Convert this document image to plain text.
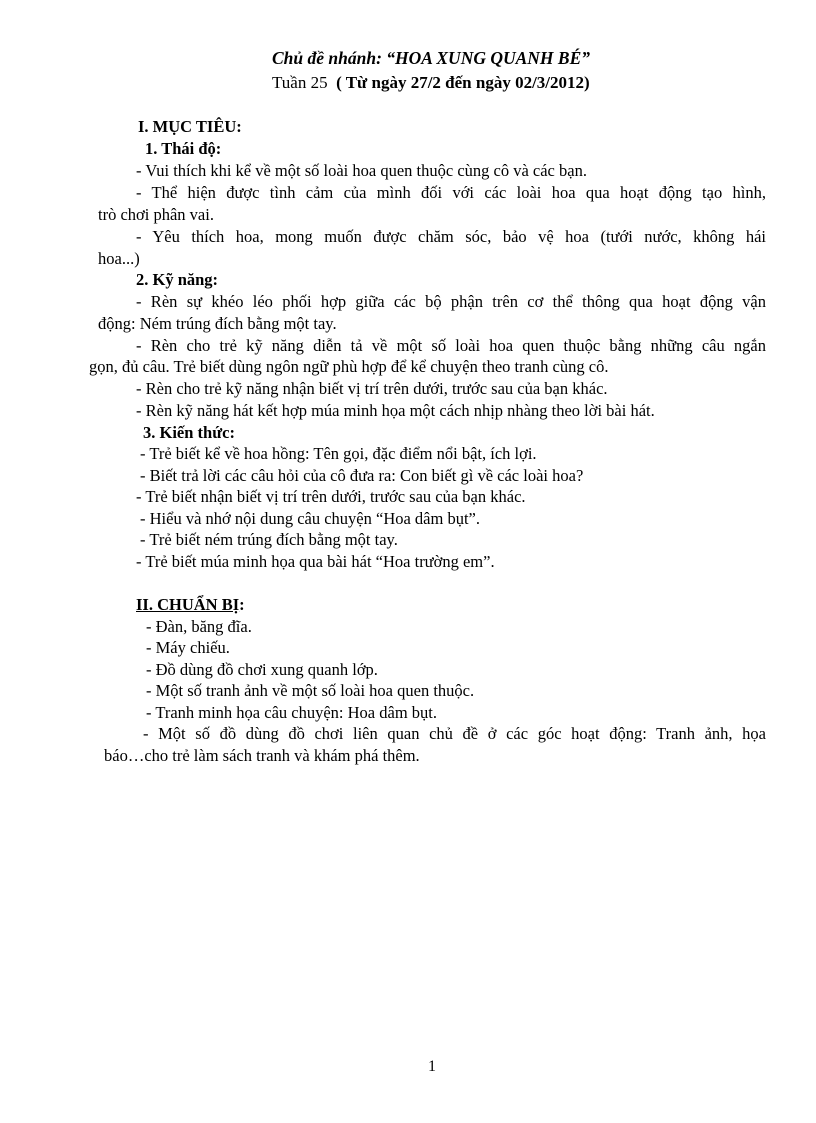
Chủ đề nhánh: “HOA XUNG QUANH BÉ”
Tuần 25 ( Từ ngày 27/2 đến ngày 02/3/2012)
I. MỤC TIÊU:
1. Thái độ:
- Vui thích khi kể về một số loài hoa quen thuộc cùng cô và các bạn.
- Thể hiện được tình cảm của mình đối với các loài hoa qua hoạt động tạo hình,
trò chơi phân vai.
- Yêu thích hoa, mong muốn được chăm sóc, bảo vệ hoa (tưới nước, không hái
hoa...)
2. Kỹ năng:
- Rèn sự khéo léo phối hợp giữa các bộ phận trên cơ thể thông qua hoạt động vận
động: Ném trúng đích bằng một tay.
- Rèn cho trẻ kỹ năng diễn tả về một số loài hoa quen thuộc bằng những câu ngắn
gọn, đủ câu. Trẻ biết dùng ngôn ngữ phù hợp để kể chuyện theo tranh cùng cô.
- Rèn cho trẻ kỹ năng nhận biết vị trí trên dưới, trước sau của bạn khác.
- Rèn kỹ năng hát kết hợp múa minh họa một cách nhịp nhàng theo lời bài hát.
3. Kiến thức:
- Trẻ biết kể về hoa hồng: Tên gọi, đặc điểm nổi bật, ích lợi.
- Biết trả lời các câu hỏi của cô đưa ra: Con biết gì về các loài hoa?
- Trẻ biết nhận biết vị trí trên dưới, trước sau của bạn khác.
- Hiểu và nhớ nội dung câu chuyện “Hoa dâm bụt”.
- Trẻ biết ném trúng đích bằng một tay.
- Trẻ biết múa minh họa qua bài hát “Hoa trường em”.
II. CHUẨN BỊ:
- Đàn, băng đĩa.
- Máy chiếu.
- Đồ dùng đồ chơi xung quanh lớp.
- Một số tranh ảnh về một số loài hoa quen thuộc.
- Tranh minh họa câu chuyện: Hoa dâm bụt.
- Một số đồ dùng đồ chơi liên quan chủ đề ở các góc hoạt động: Tranh ảnh, họa
báo…cho trẻ làm sách tranh và khám phá thêm.
1
